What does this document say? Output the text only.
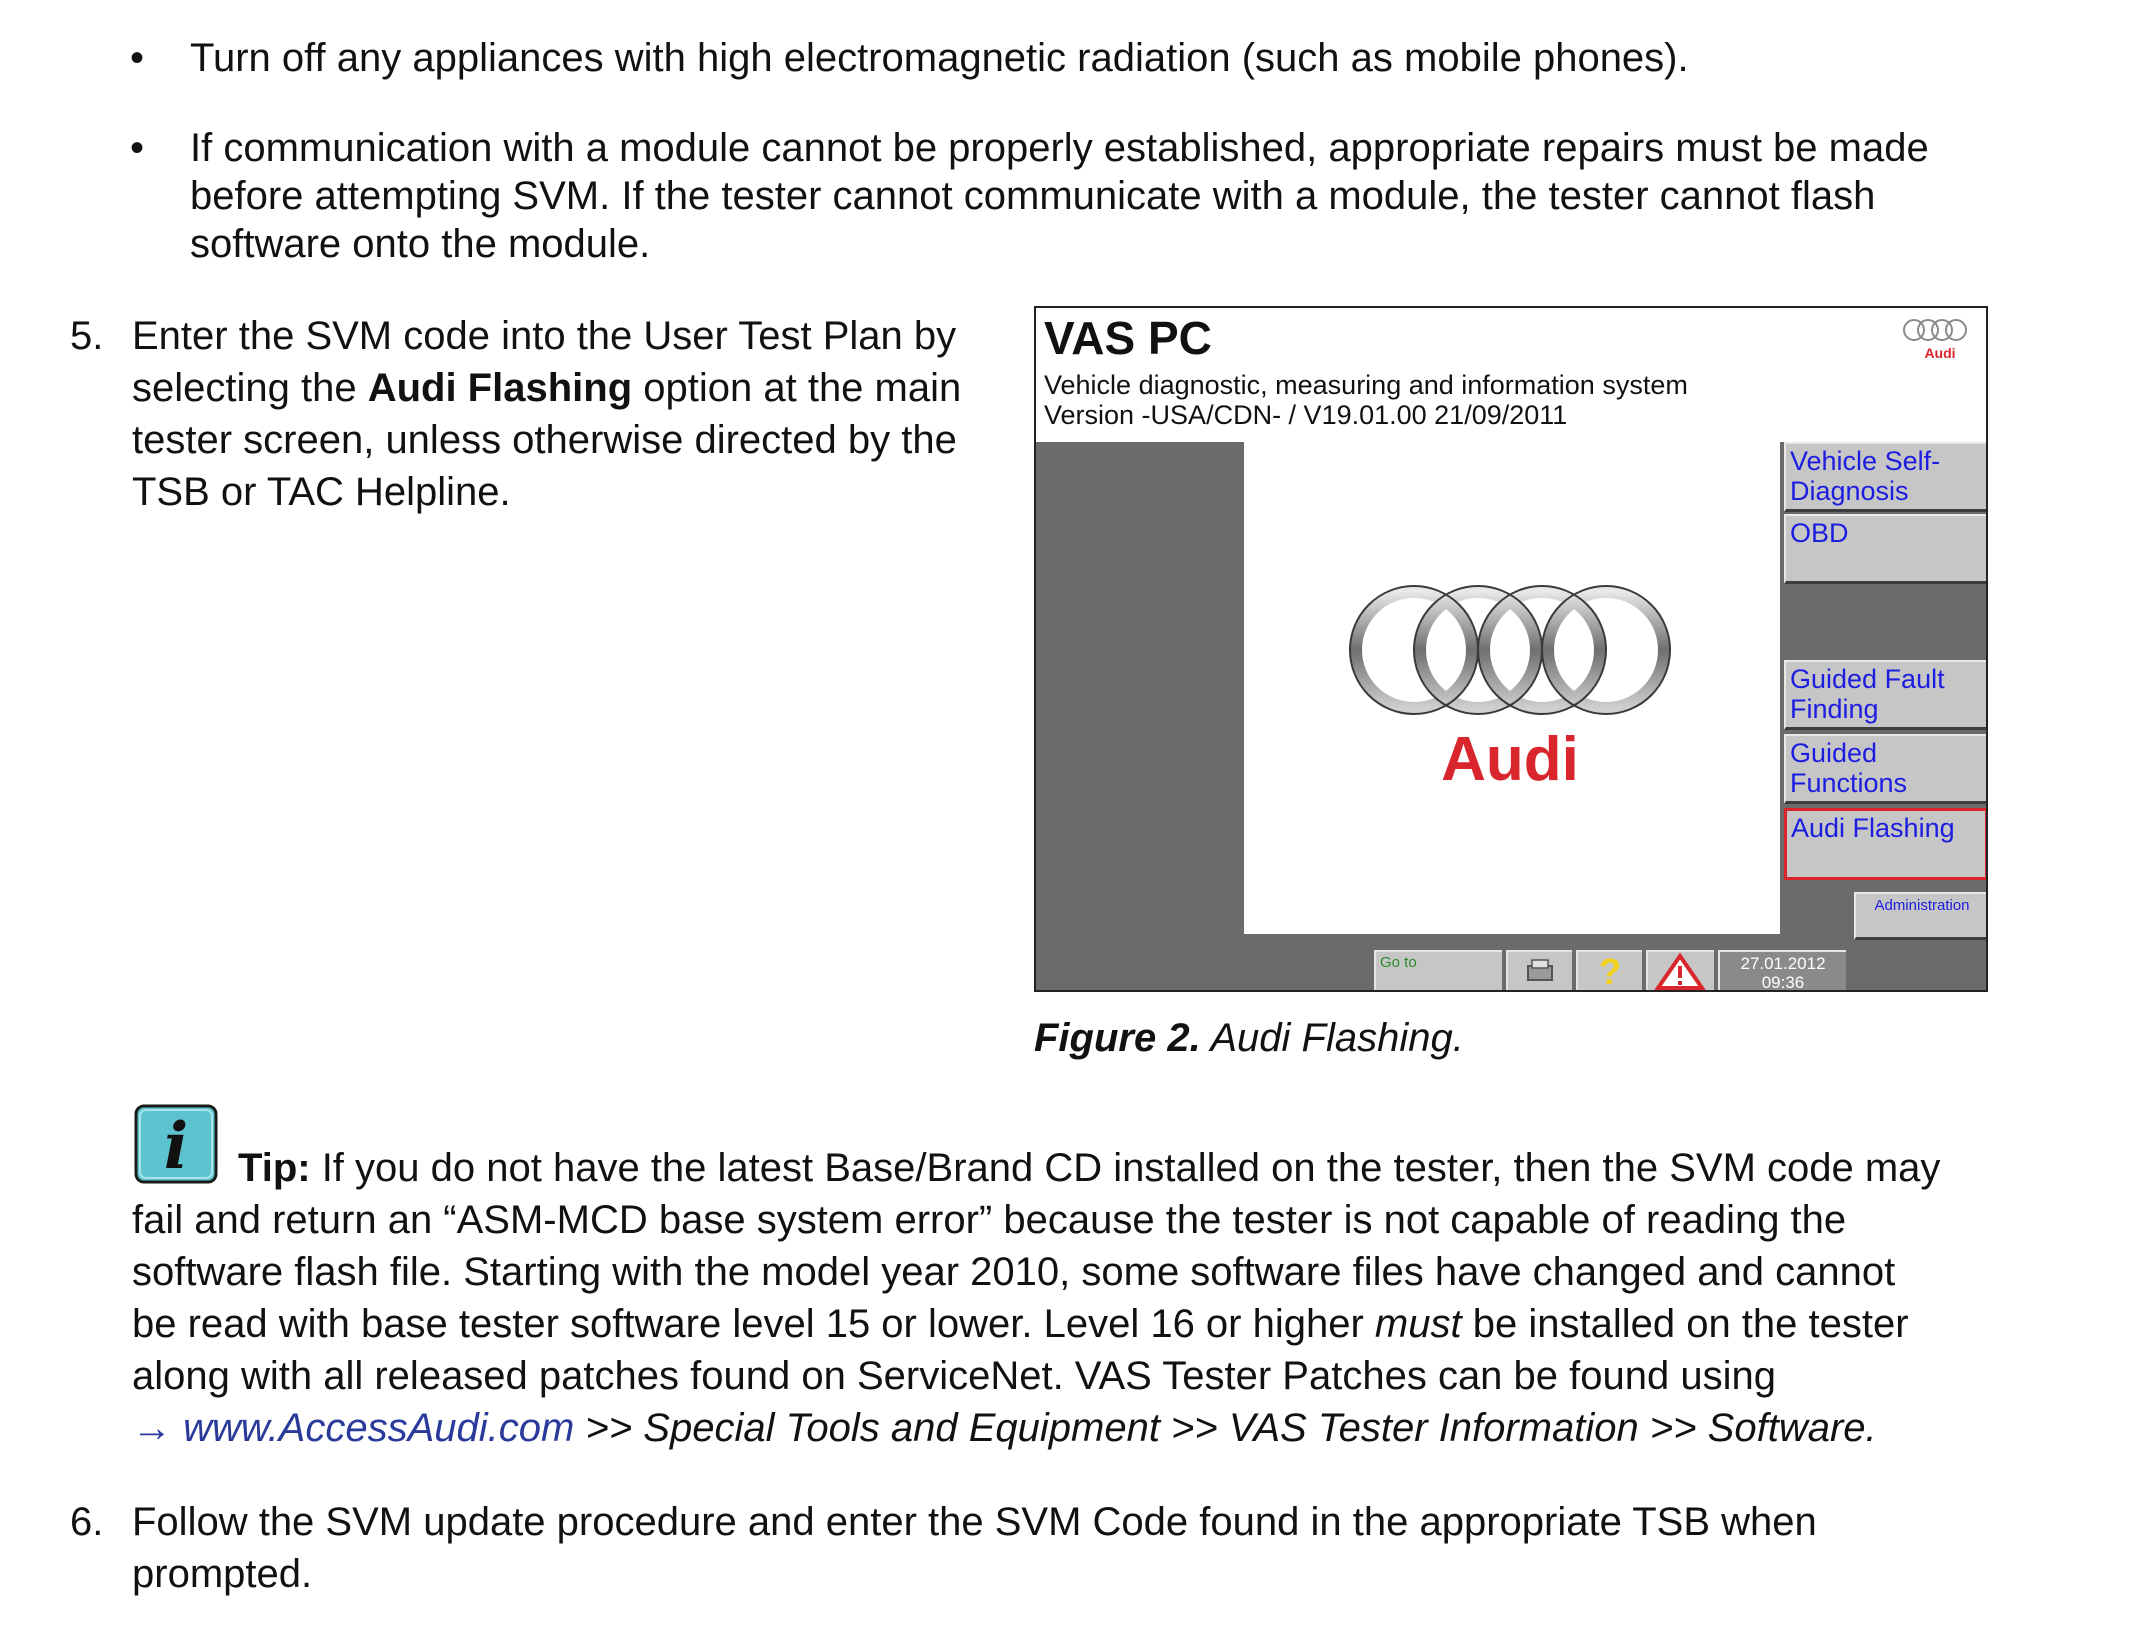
• Turn off any appliances with high electromagnetic radiation (such as mobile phones).
• If communication with a module cannot be properly established, appropriate repairs must be made
before attempting SVM. If the tester cannot communicate with a module, the tester cannot flash
software onto the module.
5. Enter the SVM code into the User Test Plan by
selecting the Audi Flashing option at the main
tester screen, unless otherwise directed by the
TSB or TAC Helpline.
VAS PC
Vehicle diagnostic, measuring and information system
Version -USA/CDN- / V19.01.00 21/09/2011
Audi
Audi
Vehicle Self-
Diagnosis
OBD
Guided Fault
Finding
Guided
Functions
Audi Flashing
Administration
Go to	?	27.01.2012
09:36
Figure 2. Audi Flashing.
i Tip: If you do not have the latest Base/Brand CD installed on the tester, then the SVM code may
fail and return an “ASM-MCD base system error” because the tester is not capable of reading the
software flash file. Starting with the model year 2010, some software files have changed and cannot
be read with base tester software level 15 or lower. Level 16 or higher must be installed on the tester
along with all released patches found on ServiceNet. VAS Tester Patches can be found using
→ www.AccessAudi.com >> Special Tools and Equipment >> VAS Tester Information >> Software.
6. Follow the SVM update procedure and enter the SVM Code found in the appropriate TSB when
prompted.
